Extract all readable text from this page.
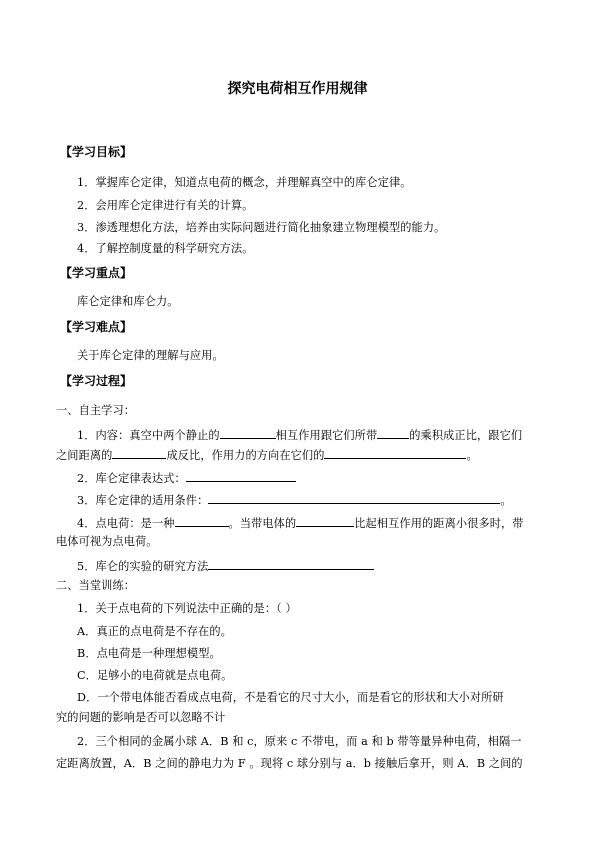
探究电荷相互作用规律
【学习目标】
1．掌握库仑定律，知道点电荷的概念，并理解真空中的库仑定律。
2．会用库仑定律进行有关的计算。
3．渗透理想化方法，培养由实际问题进行简化抽象建立物理模型的能力。
4．了解控制度量的科学研究方法。
【学习重点】
库仑定律和库仑力。
【学习难点】
关于库仑定律的理解与应用。
【学习过程】
一、自主学习：
1．内容：真空中两个静止的	相互作用跟它们所带	的乘积成正比，跟它们
之间距离的	成反比，作用力的方向在它们的	。
2．库仑定律表达式：
3．库仑定律的适用条件：	。
4．点电荷：是一种	。当带电体的	比起相互作用的距离小很多时，带
电体可视为点电荷。
5．库仑的实验的研究方法
二、当堂训练：
1．关于点电荷的下列说法中正确的是：（ ）
A．真正的点电荷是不存在的。
B．点电荷是一种理想模型。
C．足够小的电荷就是点电荷。
D．一个带电体能否看成点电荷，不是看它的尺寸大小，而是看它的形状和大小对所研
究的问题的影响是否可以忽略不计
2．三个相同的金属小球 A．B 和 c，原来 c 不带电，而 a 和 b 带等量异种电荷，相隔一
定距离放置，A．B 之间的静电力为 F 。现将 c 球分别与 a．b 接触后拿开，则 A．B 之间的
